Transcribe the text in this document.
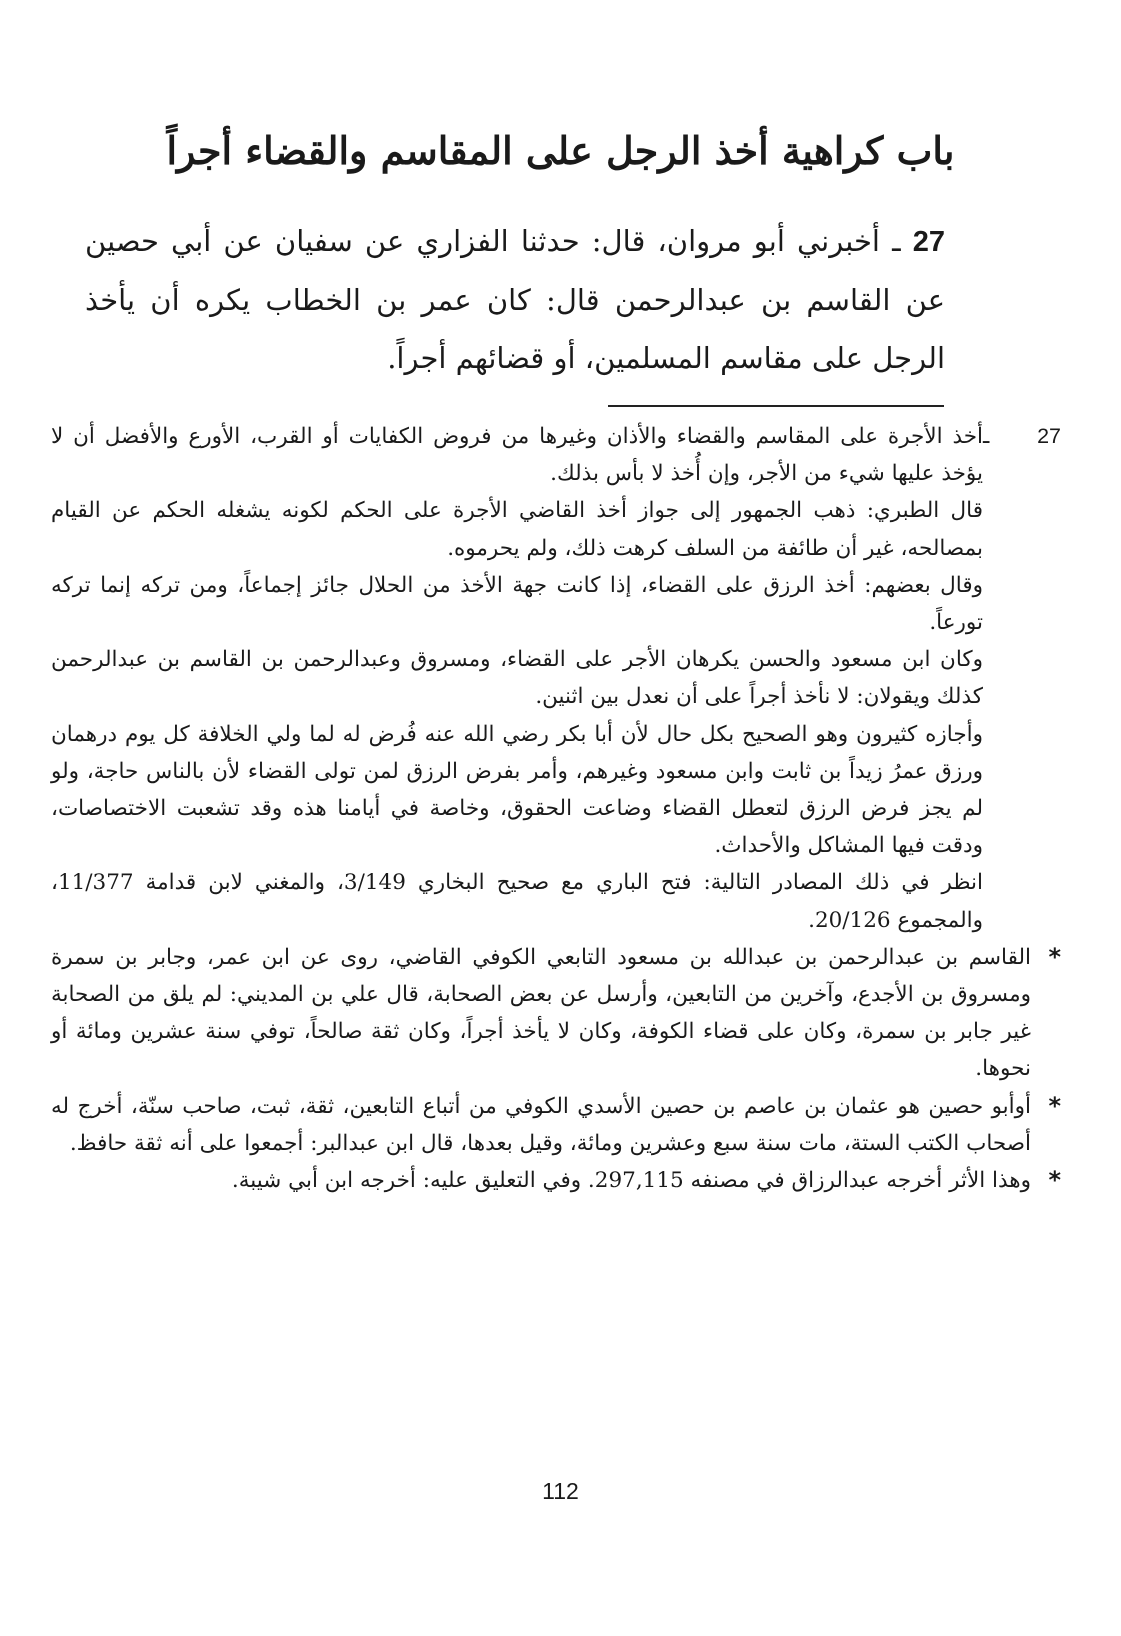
باب كراهية أخذ الرجل على المقاسم والقضاء أجراً

27 ـ أخبرني أبو مروان، قال: حدثنا الفزاري عن سفيان عن أبي حصين عن القاسم بن عبدالرحمن قال: كان عمر بن الخطاب يكره أن يأخذ الرجل على مقاسم المسلمين، أو قضائهم أجراً.

27
ـ

أخذ الأجرة على المقاسم والقضاء والأذان وغيرها من فروض الكفايات أو القرب، الأورع والأفضل أن لا يؤخذ عليها شيء من الأجر، وإن أُخذ لا بأس بذلك.

قال الطبري: ذهب الجمهور إلى جواز أخذ القاضي الأجرة على الحكم لكونه يشغله الحكم عن القيام بمصالحه، غير أن طائفة من السلف كرهت ذلك، ولم يحرموه.

وقال بعضهم: أخذ الرزق على القضاء، إذا كانت جهة الأخذ من الحلال جائز إجماعاً، ومن تركه إنما تركه تورعاً.

وكان ابن مسعود والحسن يكرهان الأجر على القضاء، ومسروق وعبدالرحمن بن القاسم بن عبدالرحمن كذلك ويقولان: لا نأخذ أجراً على أن نعدل بين اثنين.

وأجازه كثيرون وهو الصحيح بكل حال لأن أبا بكر رضي الله عنه فُرض له لما ولي الخلافة كل يوم درهمان ورزق عمرُ زيداً بن ثابت وابن مسعود وغيرهم، وأمر بفرض الرزق لمن تولى القضاء لأن بالناس حاجة، ولو لم يجز فرض الرزق لتعطل القضاء وضاعت الحقوق، وخاصة في أيامنا هذه وقد تشعبت الاختصاصات، ودقت فيها المشاكل والأحداث.

انظر في ذلك المصادر التالية: فتح الباري مع صحيح البخاري 3/149، والمغني لابن قدامة 11/377، والمجموع 20/126.

*
القاسم بن عبدالرحمن بن عبدالله بن مسعود التابعي الكوفي القاضي، روى عن ابن عمر، وجابر بن سمرة ومسروق بن الأجدع، وآخرين من التابعين، وأرسل عن بعض الصحابة، قال علي بن المديني: لم يلق من الصحابة غير جابر بن سمرة، وكان على قضاء الكوفة، وكان لا يأخذ أجراً، وكان ثقة صالحاً، توفي سنة عشرين ومائة أو نحوها.
*
أوأبو حصين هو عثمان بن عاصم بن حصين الأسدي الكوفي من أتباع التابعين، ثقة، ثبت، صاحب سنّة، أخرج له أصحاب الكتب الستة، مات سنة سبع وعشرين ومائة، وقيل بعدها، قال ابن عبدالبر: أجمعوا على أنه ثقة حافظ.
*
وهذا الأثر أخرجه عبدالرزاق في مصنفه 297,115. وفي التعليق عليه: أخرجه ابن أبي شيبة.
112
